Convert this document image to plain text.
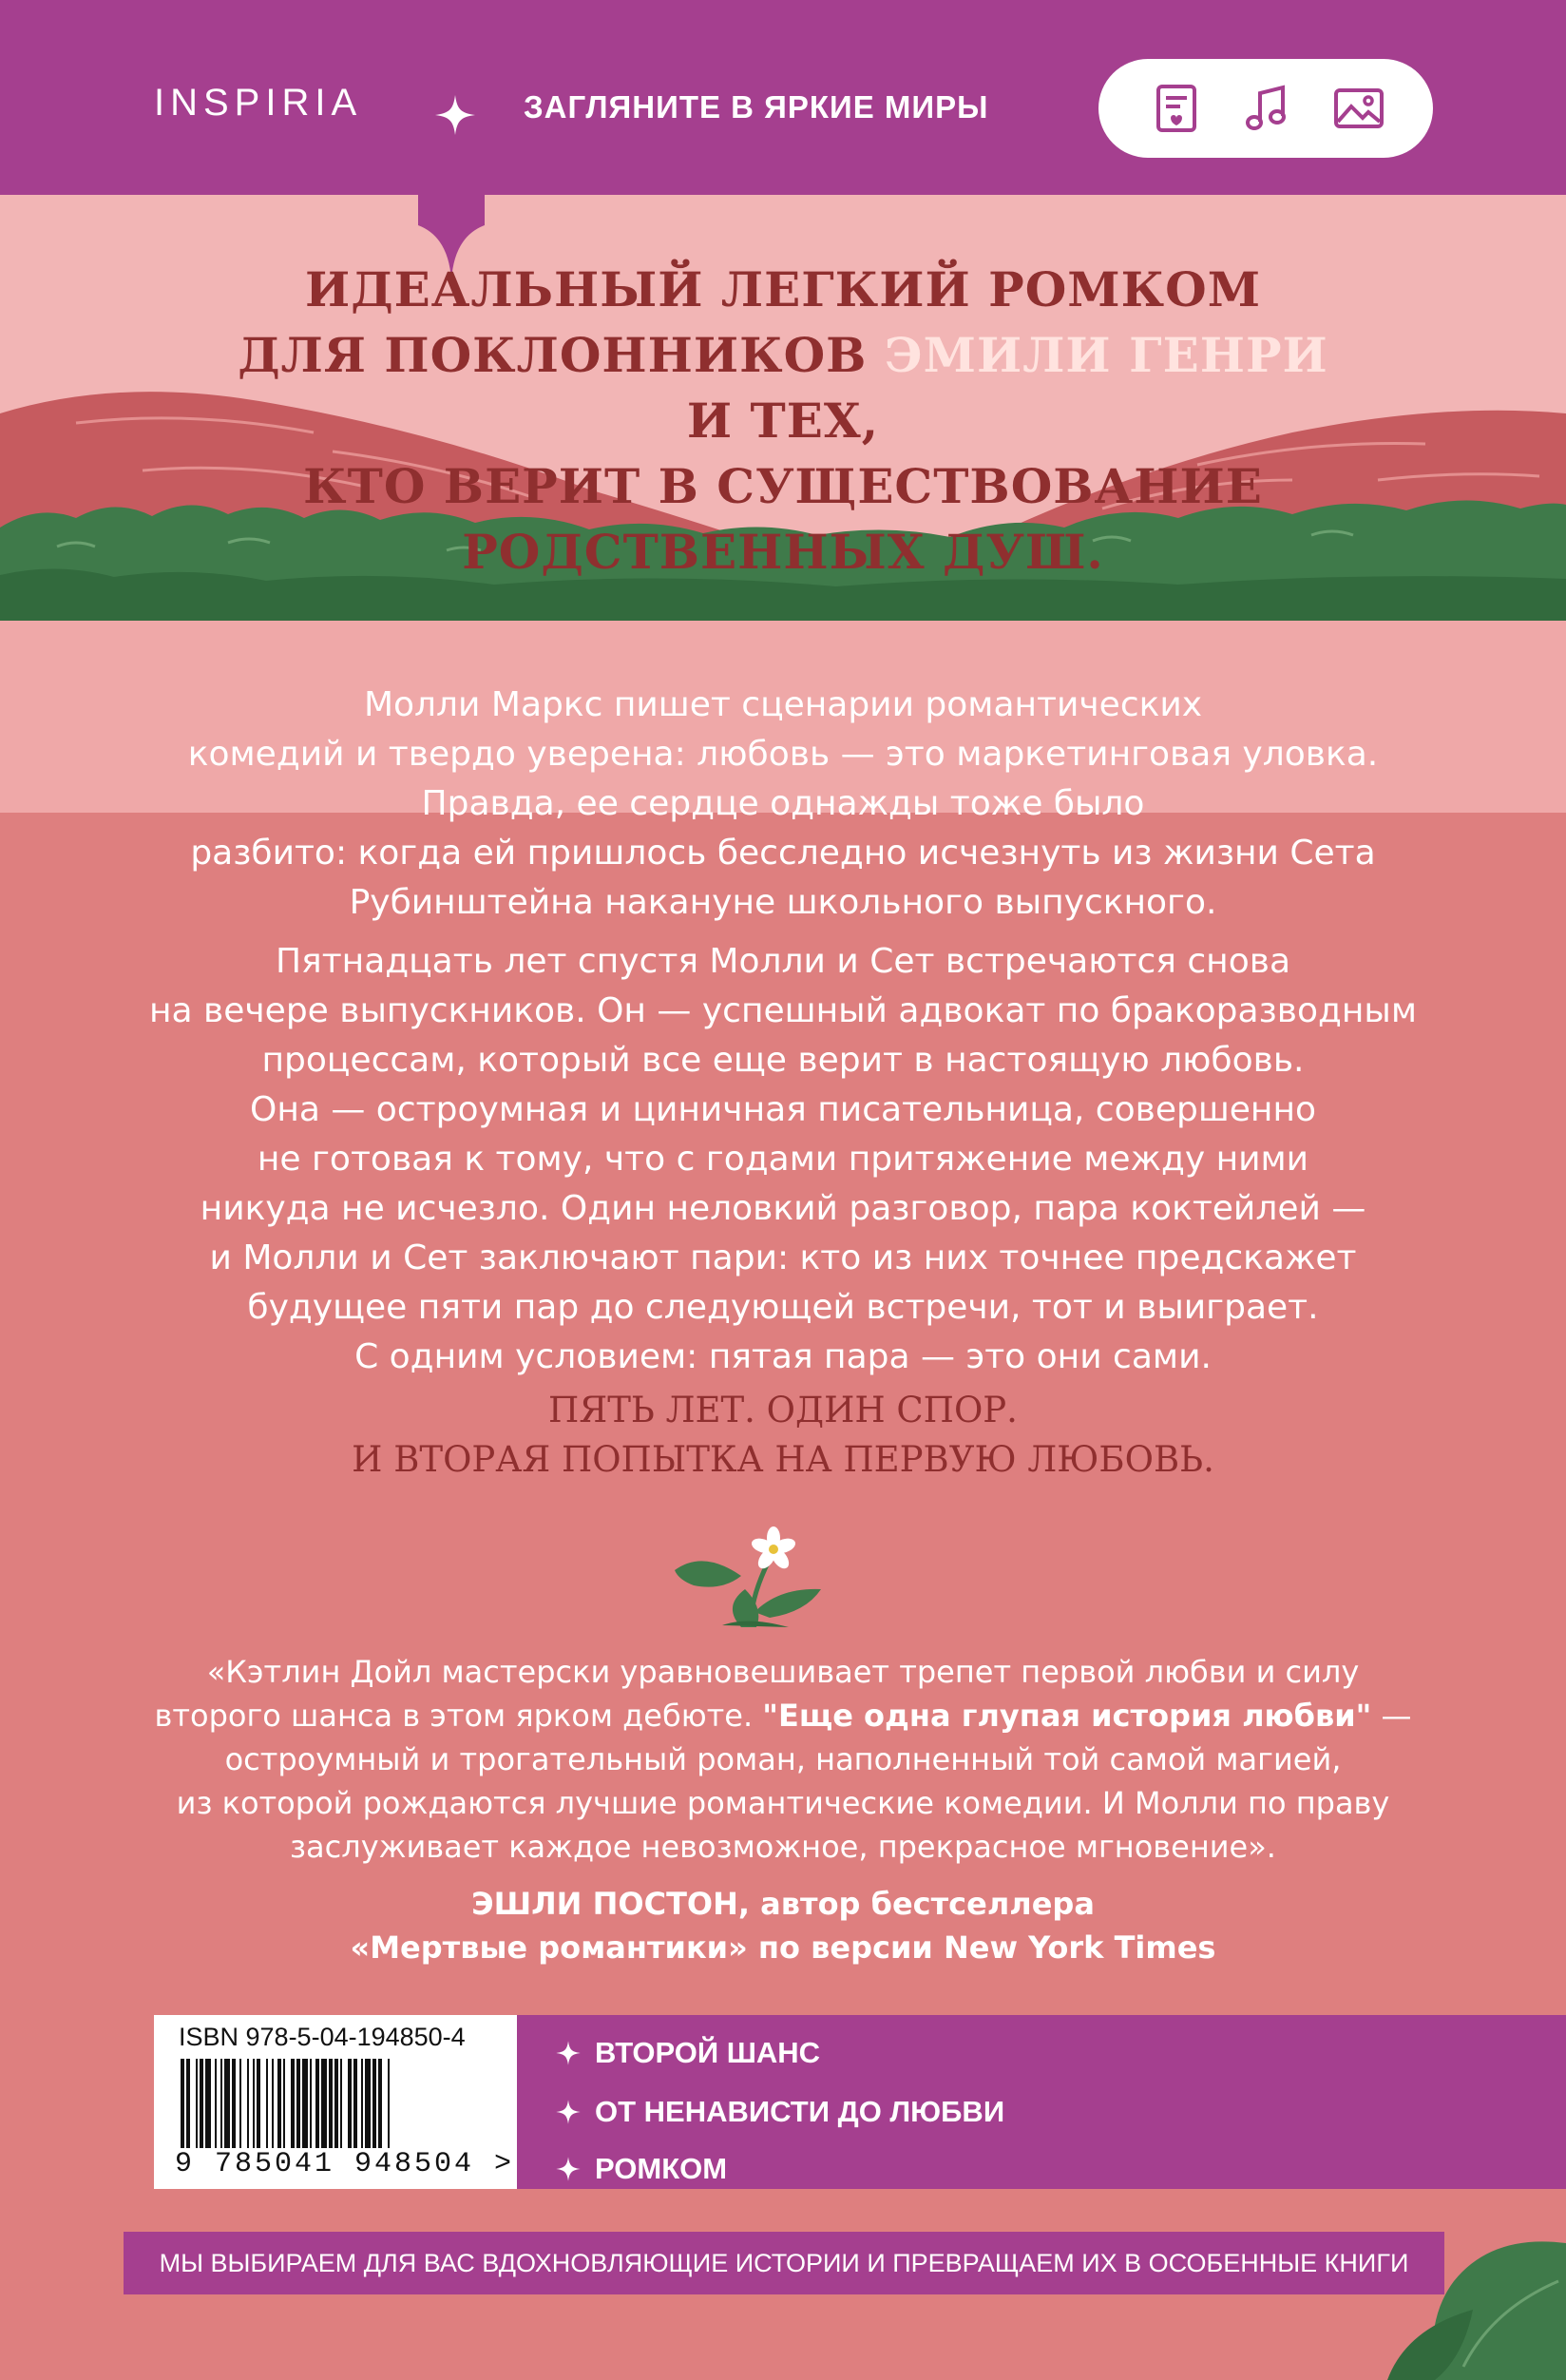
INSPIRIA	ЗАГЛЯНИТЕ В ЯРКИЕ МИРЫ
ИДЕАЛЬНЫЙ ЛЕГКИЙ РОМКОМ
ДЛЯ ПОКЛОННИКОВ ЭМИЛИ ГЕНРИ И ТЕХ,
КТО ВЕРИТ В СУЩЕСТВОВАНИЕ
РОДСТВЕННЫХ ДУШ.
Молли Маркс пишет сценарии романтических
комедий и твердо уверена: любовь — это маркетинговая уловка.
Правда, ее сердце однажды тоже было
разбито: когда ей пришлось бесследно исчезнуть из жизни Сета
Рубинштейна накануне школьного выпускного.
Пятнадцать лет спустя Молли и Сет встречаются снова
на вечере выпускников. Он — успешный адвокат по бракоразводным
процессам, который все еще верит в настоящую любовь.
Она — остроумная и циничная писательница, совершенно
не готовая к тому, что с годами притяжение между ними
никуда не исчезло. Один неловкий разговор, пара коктейлей —
и Молли и Сет заключают пари: кто из них точнее предскажет
будущее пяти пар до следующей встречи, тот и выиграет.
С одним условием: пятая пара — это они сами.
ПЯТЬ ЛЕТ. ОДИН СПОР.
И ВТОРАЯ ПОПЫТКА НА ПЕРВУЮ ЛЮБОВЬ.
«Кэтлин Дойл мастерски уравновешивает трепет первой любви и силу
второго шанса в этом ярком дебюте. "Еще одна глупая история любви" —
остроумный и трогательный роман, наполненный той самой магией,
из которой рождаются лучшие романтические комедии. И Молли по праву
заслуживает каждое невозможное, прекрасное мгновение».
ЭШЛИ ПОСТОН, автор бестселлера
«Мертвые романтики» по версии New York Times
ISBN 978-5-04-194850-4
9 785041 948504 >
ВТОРОЙ ШАНС
ОТ НЕНАВИСТИ ДО ЛЮБВИ
РОМКОМ
МЫ ВЫБИРАЕМ ДЛЯ ВАС ВДОХНОВЛЯЮЩИЕ ИСТОРИИ И ПРЕВРАЩАЕМ ИХ В ОСОБЕННЫЕ КНИГИ
